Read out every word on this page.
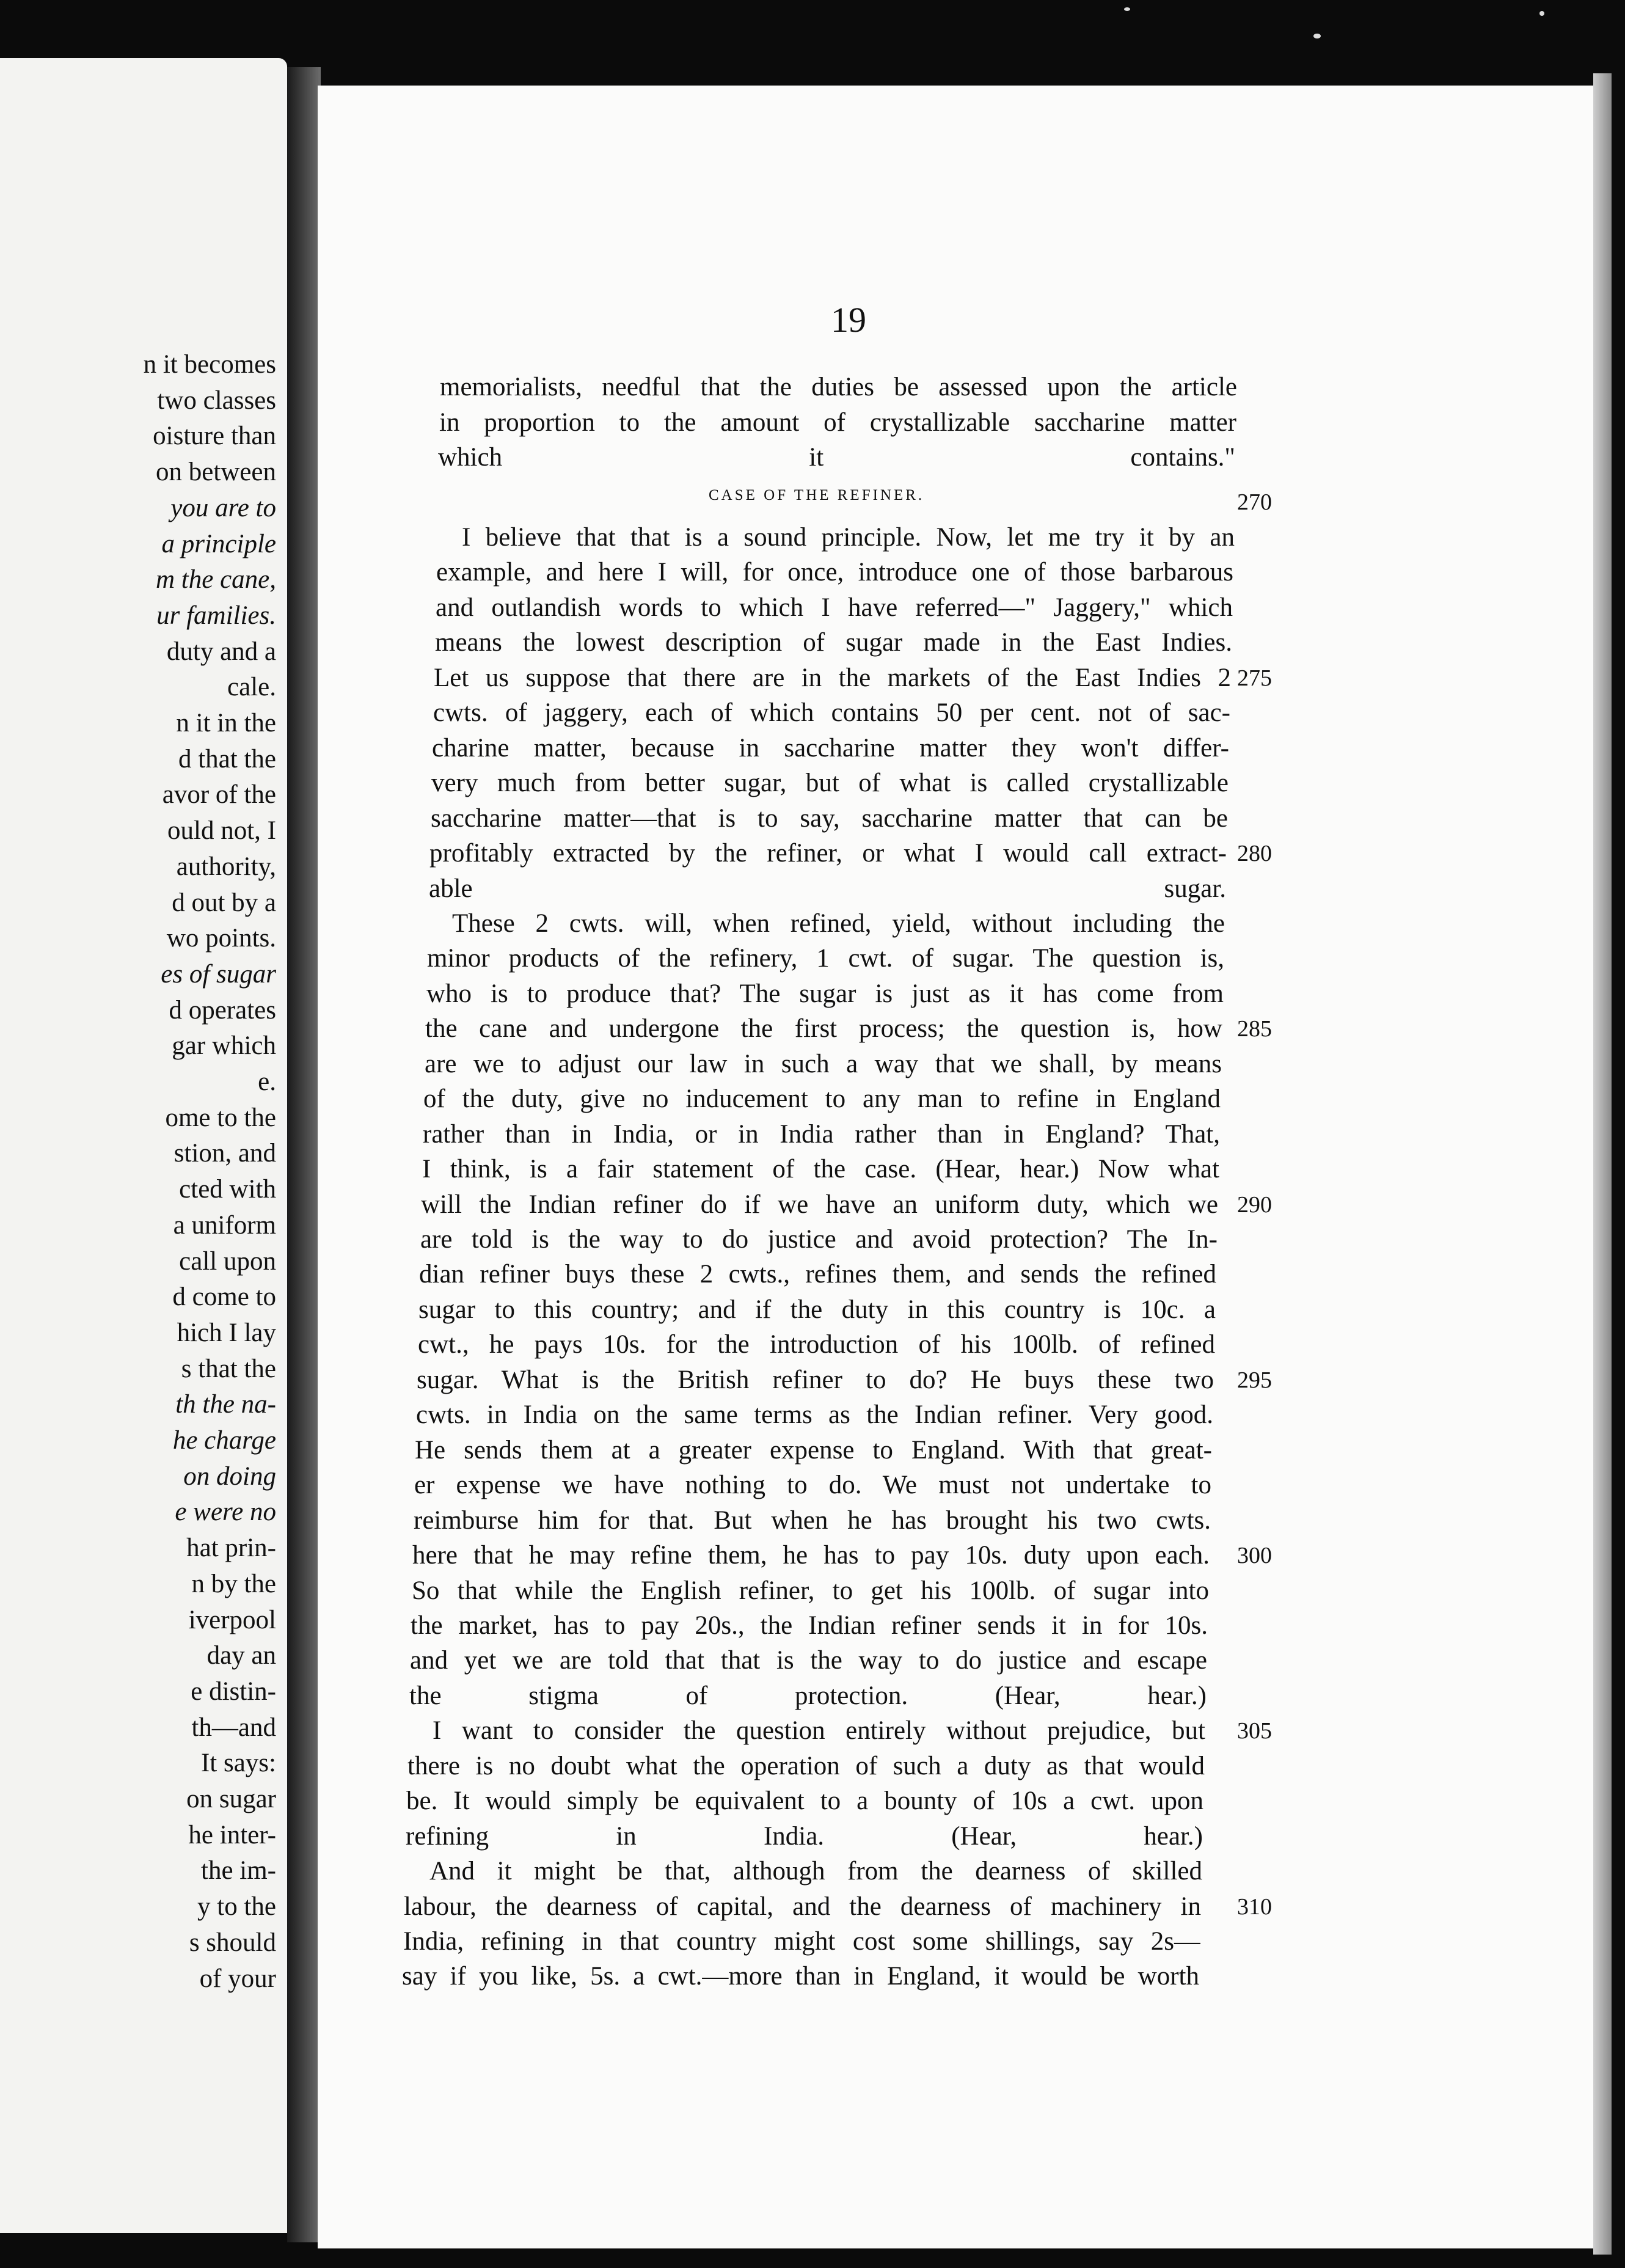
n it becomes
two classes
oisture than
on between
you are to
a principle
m the cane,
ur families.
duty and a
cale.
n it in the
d that the
avor of the
ould not, I
authority,
d out by a
wo points.
es of sugar
d operates
gar which
e.
ome to the
stion, and
cted with
a uniform
call upon
d come to
hich I lay
s that the
th the na-
he charge
on doing
e were no
hat prin-
n by the
iverpool
day an
e distin-
th—and
It says:
on sugar
he inter-
the im-
y to the
s should
of your
19
CASE OF THE REFINER.
memorialists, needful that the duties be assessed upon the article
in proportion to the amount of crystallizable saccharine matter
which it contains."
I believe that that is a sound principle. Now, let me try it by an
example, and here I will, for once, introduce one of those barbarous
and outlandish words to which I have referred—" Jaggery," which
means the lowest description of sugar made in the East Indies.
Let us suppose that there are in the markets of the East Indies 2
cwts. of jaggery, each of which contains 50 per cent. not of sac-
charine matter, because in saccharine matter they won't differ-
very much from better sugar, but of what is called crystallizable
saccharine matter—that is to say, saccharine matter that can be
profitably extracted by the refiner, or what I would call extract-
able sugar.
These 2 cwts. will, when refined, yield, without including the
minor products of the refinery, 1 cwt. of sugar. The question is,
who is to produce that? The sugar is just as it has come from
the cane and undergone the first process; the question is, how
are we to adjust our law in such a way that we shall, by means
of the duty, give no inducement to any man to refine in England
rather than in India, or in India rather than in England? That,
I think, is a fair statement of the case. (Hear, hear.) Now what
will the Indian refiner do if we have an uniform duty, which we
are told is the way to do justice and avoid protection? The In-
dian refiner buys these 2 cwts., refines them, and sends the refined
sugar to this country; and if the duty in this country is 10c. a
cwt., he pays 10s. for the introduction of his 100lb. of refined
sugar. What is the British refiner to do? He buys these two
cwts. in India on the same terms as the Indian refiner. Very good.
He sends them at a greater expense to England. With that great-
er expense we have nothing to do. We must not undertake to
reimburse him for that. But when he has brought his two cwts.
here that he may refine them, he has to pay 10s. duty upon each.
So that while the English refiner, to get his 100lb. of sugar into
the market, has to pay 20s., the Indian refiner sends it in for 10s.
and yet we are told that that is the way to do justice and escape
the stigma of protection. (Hear, hear.)
I want to consider the question entirely without prejudice, but
there is no doubt what the operation of such a duty as that would
be. It would simply be equivalent to a bounty of 10s a cwt. upon
refining in India. (Hear, hear.)
And it might be that, although from the dearness of skilled
labour, the dearness of capital, and the dearness of machinery in
India, refining in that country might cost some shillings, say 2s—
say if you like, 5s. a cwt.—more than in England, it would be worth
270
275
280
285
290
295
300
305
310
